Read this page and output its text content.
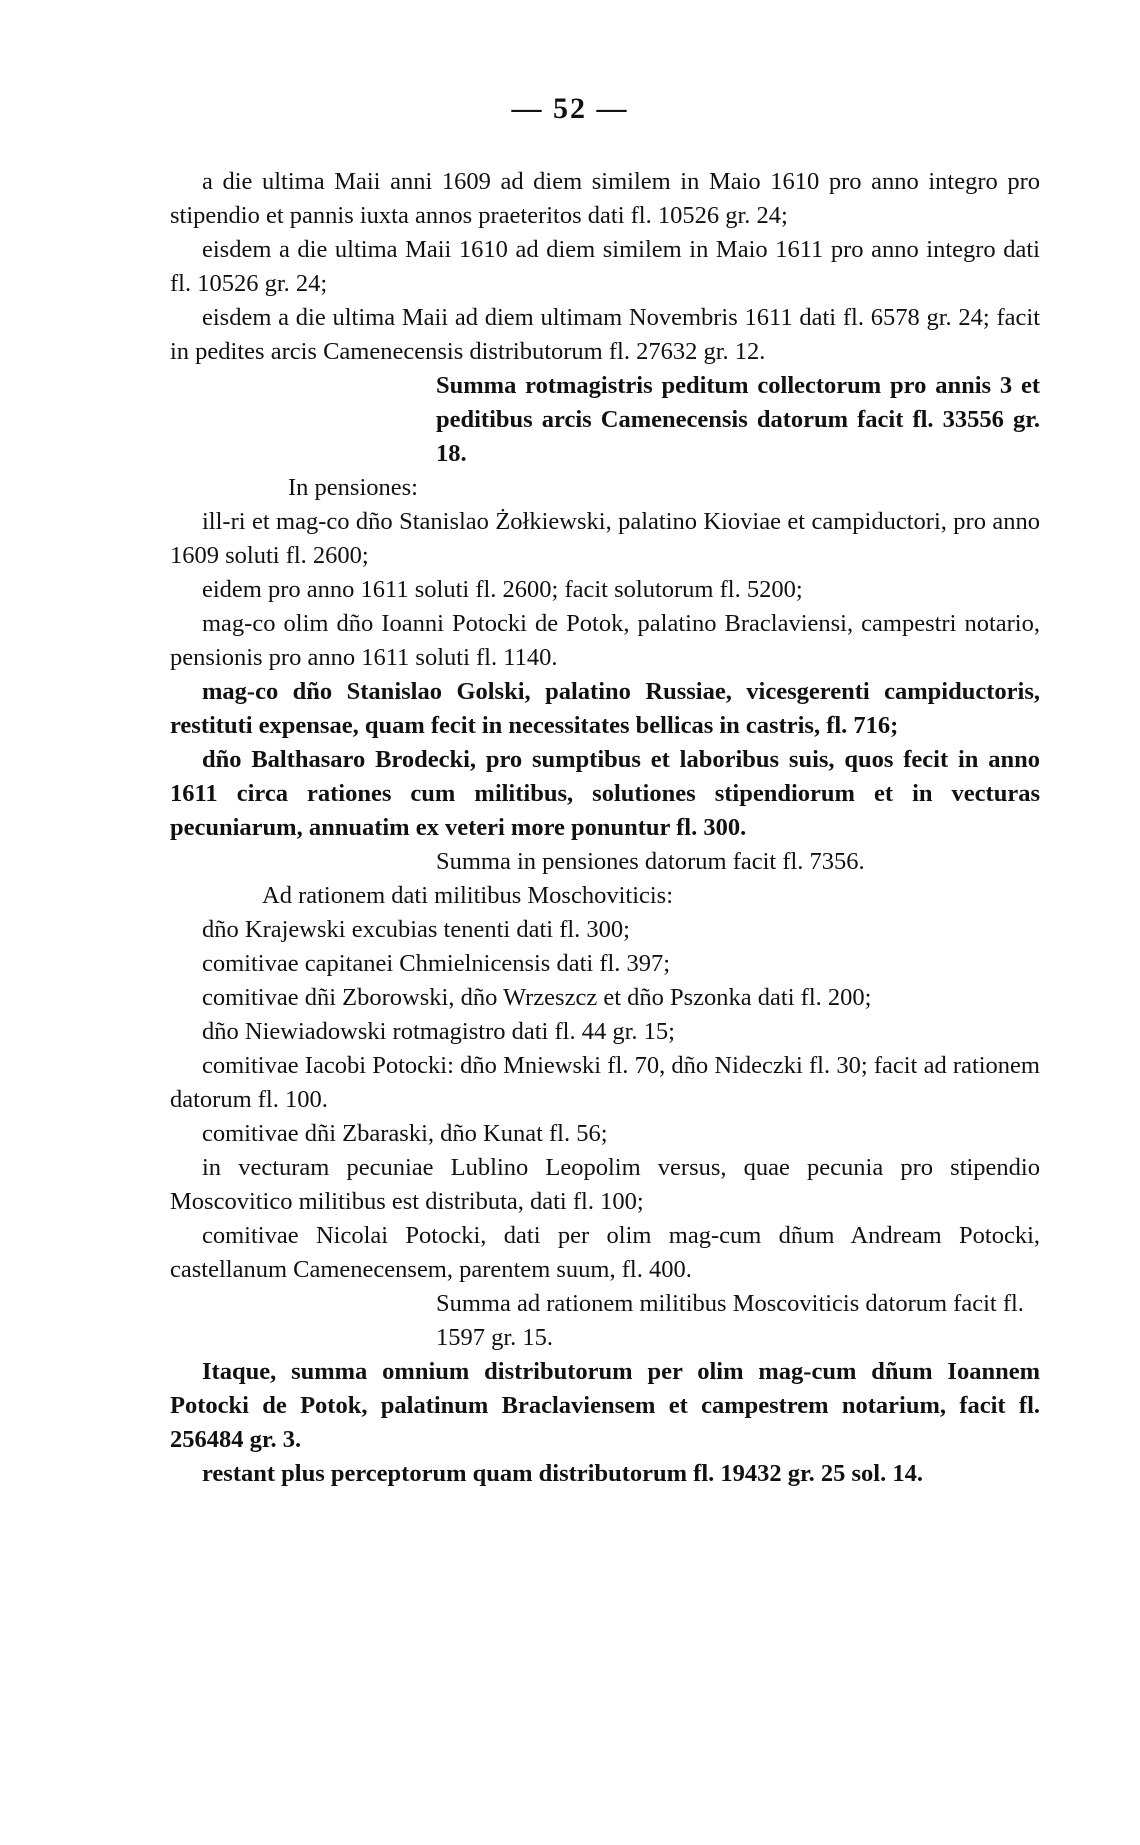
— 52 —

a die ultima Maii anni 1609 ad diem similem in Maio 1610 pro anno integro pro stipendio et pannis iuxta annos praeteritos dati fl. 10526 gr. 24;

eisdem a die ultima Maii 1610 ad diem similem in Maio 1611 pro anno integro dati fl. 10526 gr. 24;

eisdem a die ultima Maii ad diem ultimam Novembris 1611 dati fl. 6578 gr. 24; facit in pedites arcis Camenecensis distributorum fl. 27632 gr. 12.

Summa rotmagistris peditum collectorum pro annis 3 et peditibus arcis Camenecensis datorum facit fl. 33556 gr. 18.

In pensiones:

ill-ri et mag-co dño Stanislao Żołkiewski, palatino Kioviae et campiductori, pro anno 1609 soluti fl. 2600;

eidem pro anno 1611 soluti fl. 2600; facit solutorum fl. 5200;

mag-co olim dño Ioanni Potocki de Potok, palatino Braclaviensi, campestri notario, pensionis pro anno 1611 soluti fl. 1140.

mag-co dño Stanislao Golski, palatino Russiae, vicesgerenti campiductoris, restituti expensae, quam fecit in necessitates bellicas in castris, fl. 716;

dño Balthasaro Brodecki, pro sumptibus et laboribus suis, quos fecit in anno 1611 circa rationes cum militibus, solutiones stipendiorum et in vecturas pecuniarum, annuatim ex veteri more ponuntur fl. 300.

Summa in pensiones datorum facit fl. 7356.

Ad rationem dati militibus Moschoviticis:

dño Krajewski excubias tenenti dati fl. 300;

comitivae capitanei Chmielnicensis dati fl. 397;

comitivae dñi Zborowski, dño Wrzeszcz et dño Pszonka dati fl. 200;

dño Niewiadowski rotmagistro dati fl. 44 gr. 15;

comitivae Iacobi Potocki: dño Mniewski fl. 70, dño Nideczki fl. 30; facit ad rationem datorum fl. 100.

comitivae dñi Zbaraski, dño Kunat fl. 56;

in vecturam pecuniae Lublino Leopolim versus, quae pecunia pro stipendio Moscovitico militibus est distributa, dati fl. 100;

comitivae Nicolai Potocki, dati per olim mag-cum dñum Andream Potocki, castellanum Camenecensem, parentem suum, fl. 400.

Summa ad rationem militibus Moscoviticis datorum facit fl. 1597 gr. 15.

Itaque, summa omnium distributorum per olim mag-cum dñum Ioannem Potocki de Potok, palatinum Braclaviensem et campestrem notarium, facit fl. 256484 gr. 3.

restant plus perceptorum quam distributorum fl. 19432 gr. 25 sol. 14.
